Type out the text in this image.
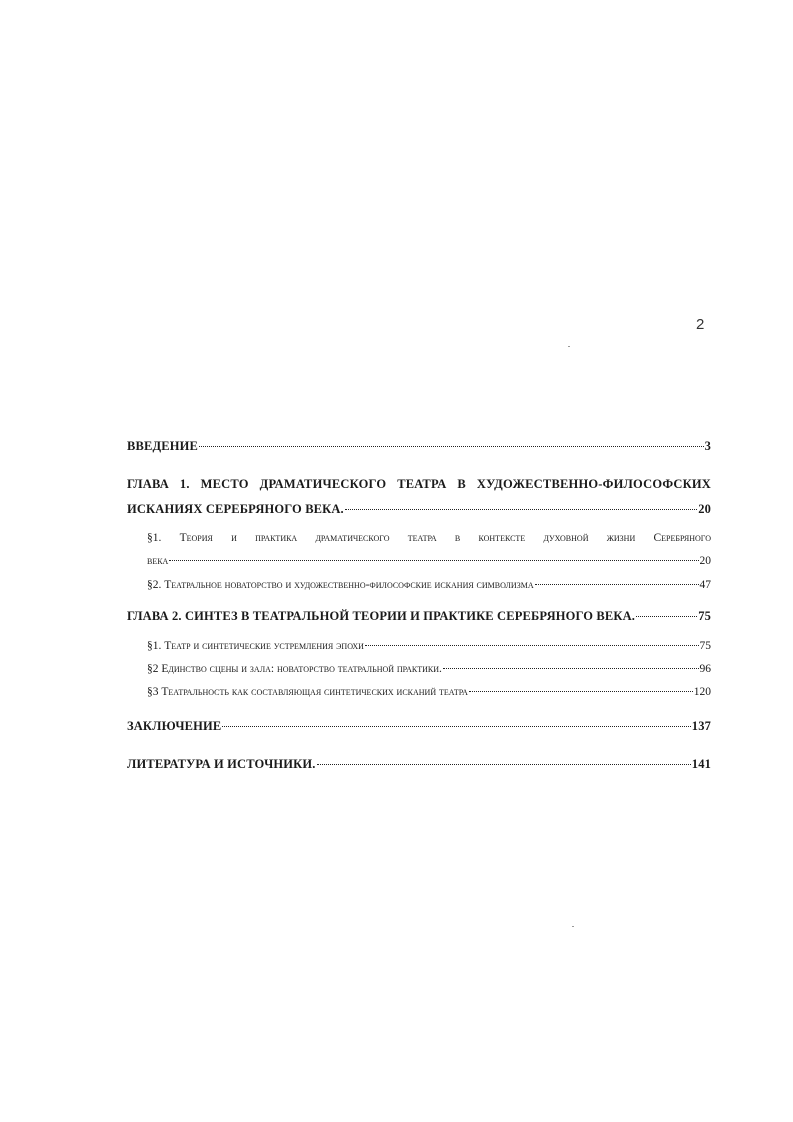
2
ВВЕДЕНИЕ	3
ГЛАВА 1. МЕСТО ДРАМАТИЧЕСКОГО ТЕАТРА В ХУДОЖЕСТВЕННО-ФИЛОСОФСКИХ
ИСКАНИЯХ СЕРЕБРЯНОГО ВЕКА.	20
§1. Теория и практика драматического театра в контексте духовной жизни Серебряного
века	20
§2. Театральное новаторство и художественно-философские искания символизма	47
ГЛАВА 2. СИНТЕЗ В ТЕАТРАЛЬНОЙ ТЕОРИИ И ПРАКТИКЕ СЕРЕБРЯНОГО ВЕКА.	75
§1. Театр и синтетические устремления эпохи	75
§2 Единство сцены и зала: новаторство театральной практики.	96
§3 Театральность как составляющая синтетических исканий театра	120
ЗАКЛЮЧЕНИЕ	137
ЛИТЕРАТУРА И ИСТОЧНИКИ.	141
